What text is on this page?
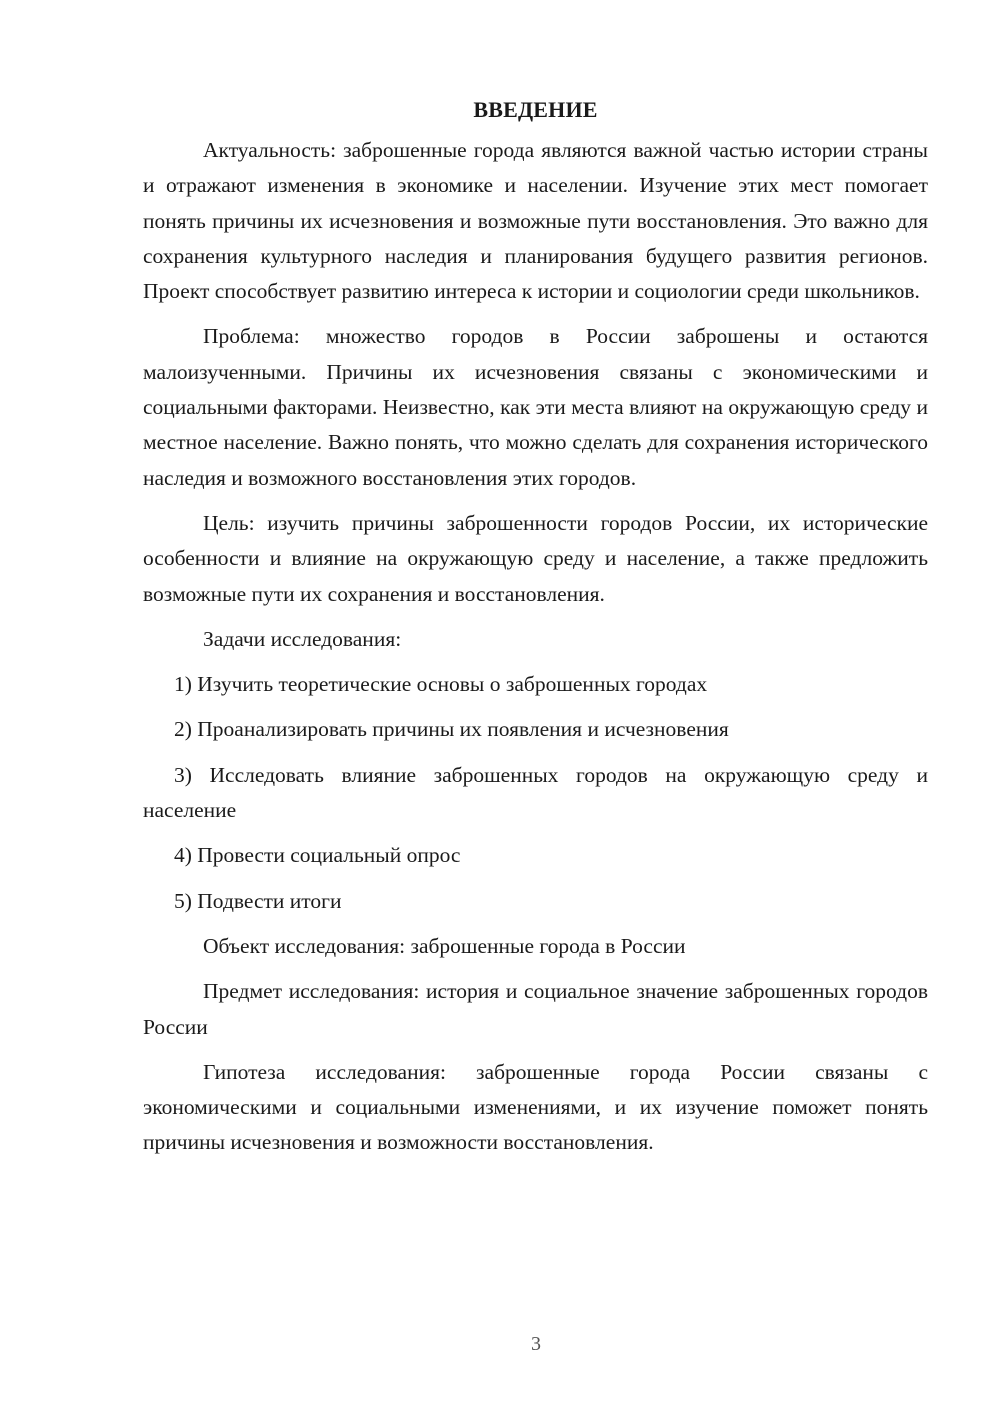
ВВЕДЕНИЕ

Актуальность: заброшенные города являются важной частью истории страны и отражают изменения в экономике и населении. Изучение этих мест помогает понять причины их исчезновения и возможные пути восстановления. Это важно для сохранения культурного наследия и планирования будущего развития регионов. Проект способствует развитию интереса к истории и социологии среди школьников.

Проблема: множество городов в России заброшены и остаются малоизученными. Причины их исчезновения связаны с экономическими и социальными факторами. Неизвестно, как эти места влияют на окружающую среду и местное население. Важно понять, что можно сделать для сохранения исторического наследия и возможного восстановления этих городов.

Цель: изучить причины заброшенности городов России, их исторические особенности и влияние на окружающую среду и население, а также предложить возможные пути их сохранения и восстановления.

Задачи исследования:

1) Изучить теоретические основы о заброшенных городах

2) Проанализировать причины их появления и исчезновения

3) Исследовать влияние заброшенных городов на окружающую среду и население

4) Провести социальный опрос

5) Подвести итоги

Объект исследования: заброшенные города в России

Предмет исследования: история и социальное значение заброшенных городов России

Гипотеза исследования: заброшенные города России связаны с экономическими и социальными изменениями, и их изучение поможет понять причины исчезновения и возможности восстановления.

3
